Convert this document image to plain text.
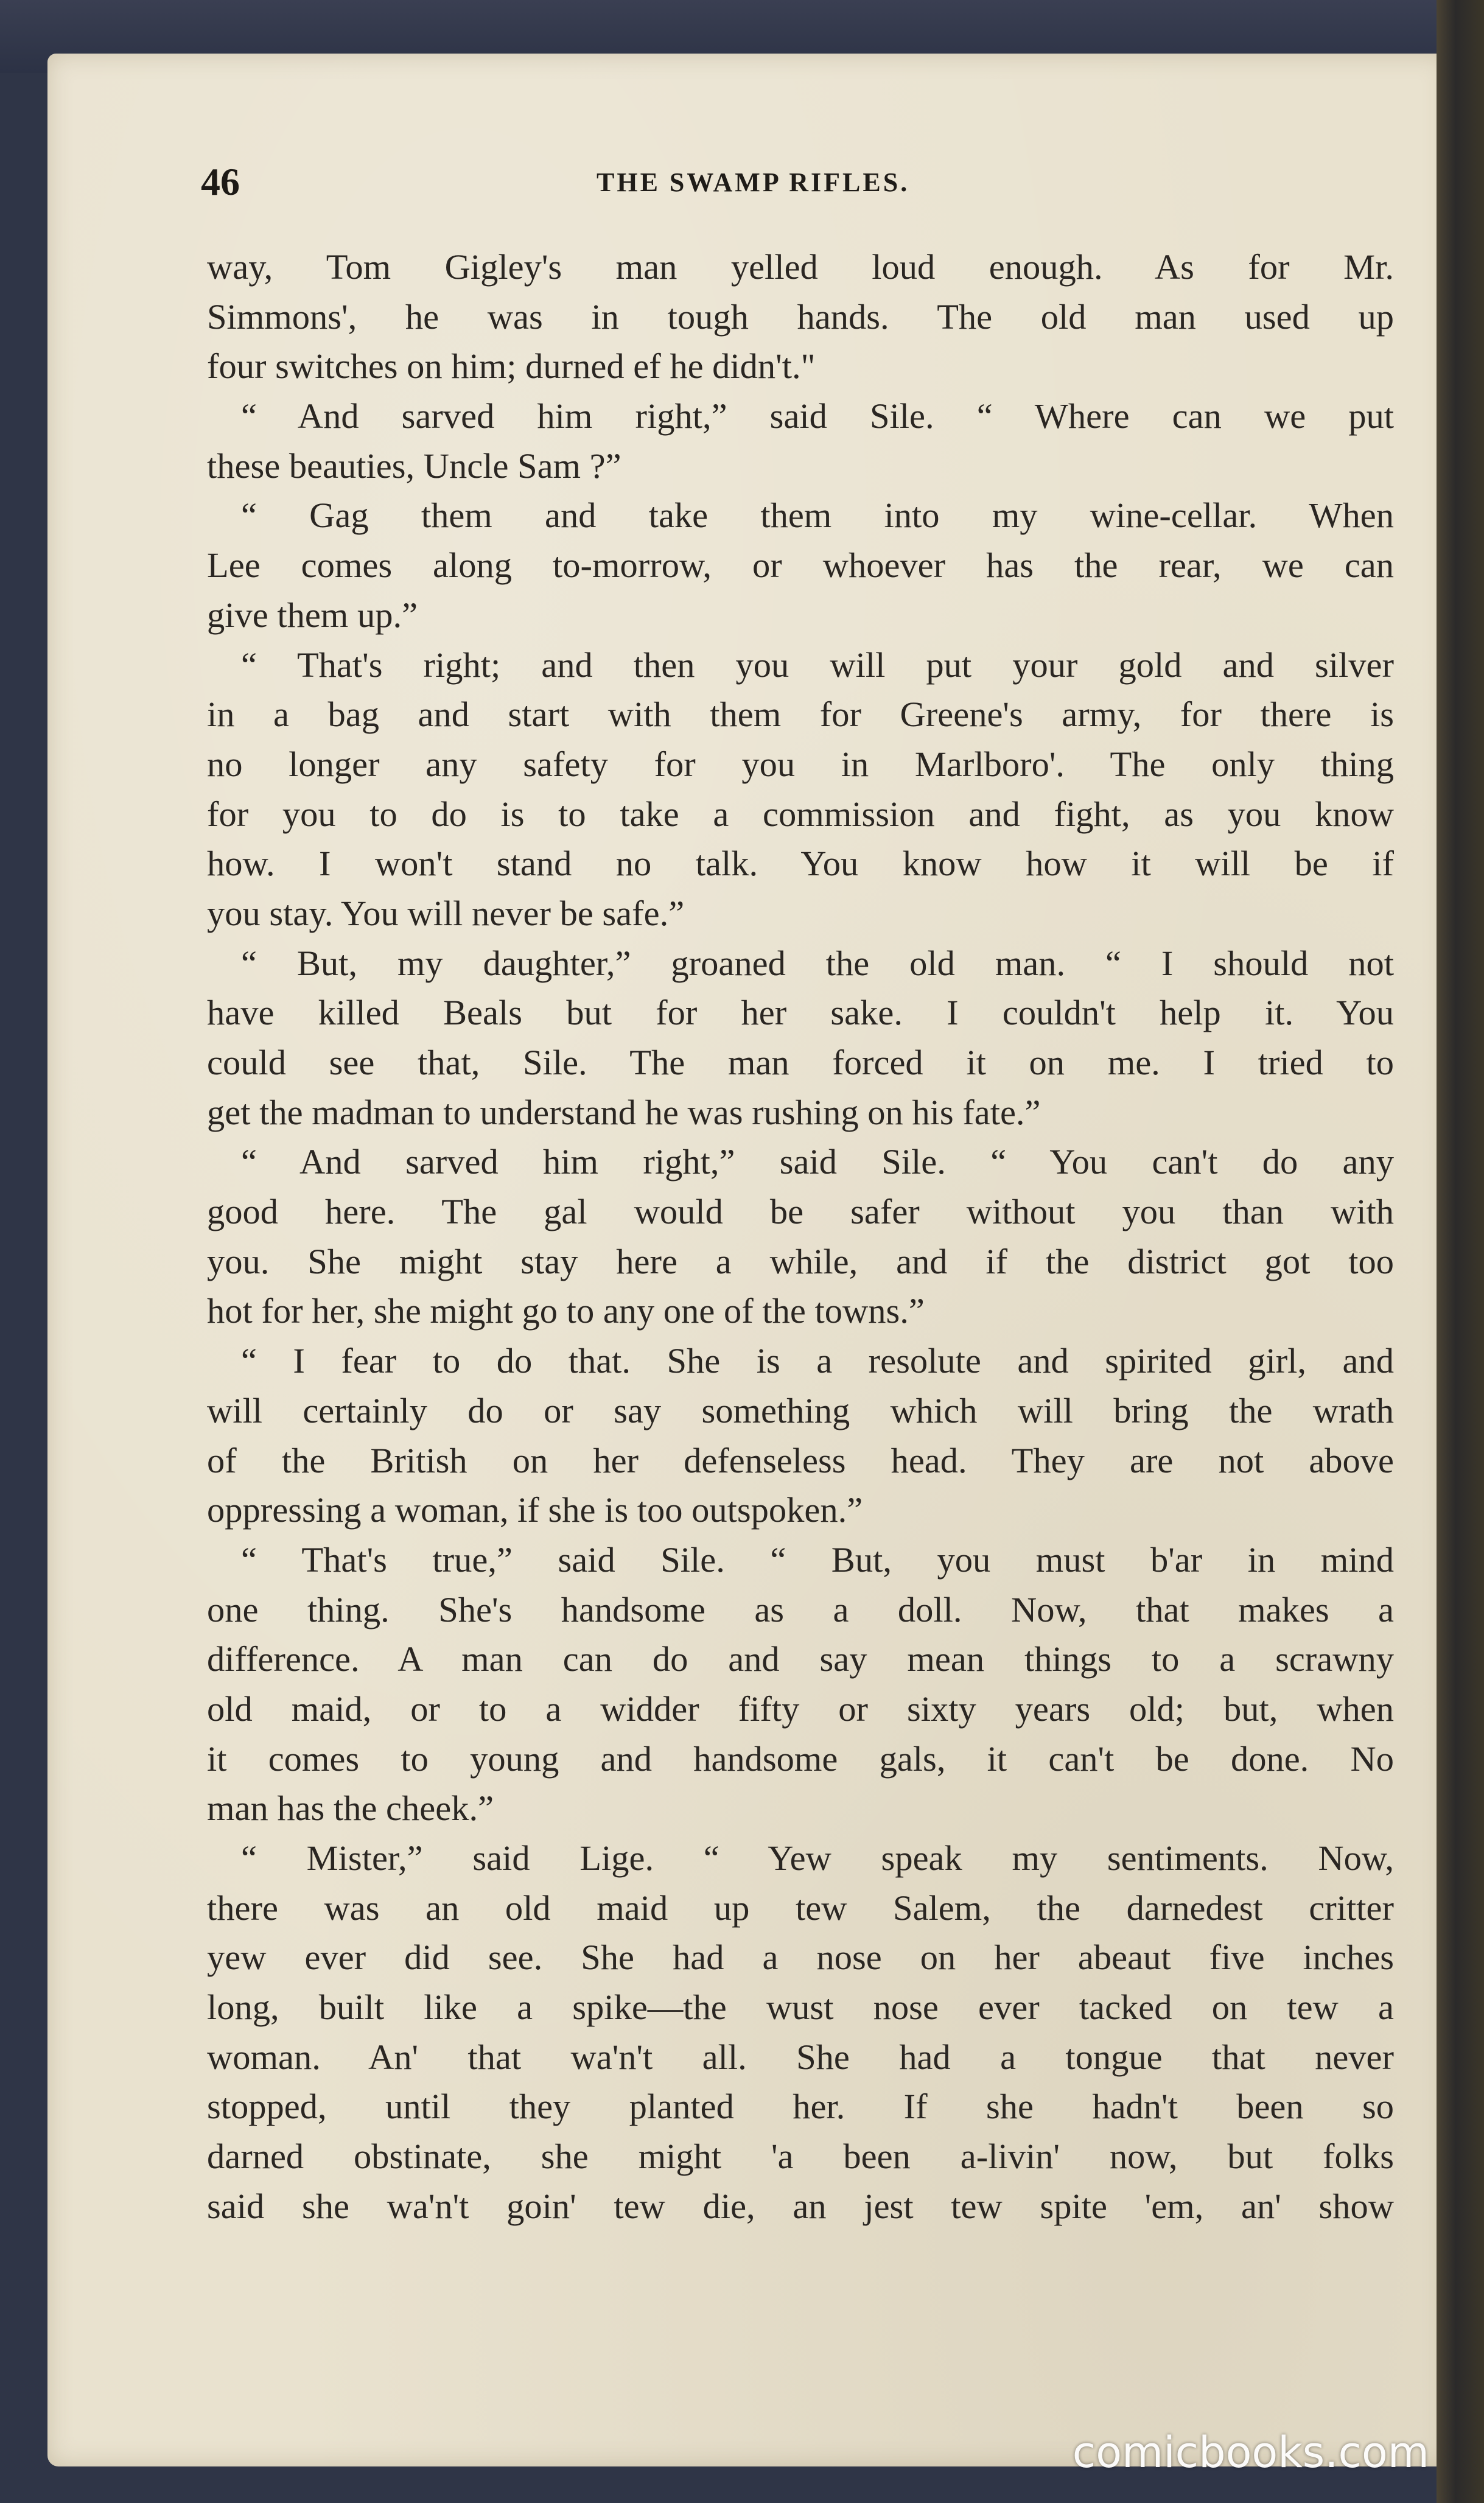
46	THE SWAMP RIFLES.
way, Tom Gigley's man yelled loud enough. As for Mr.
Simmons', he was in tough hands. The old man used up
four switches on him; durned ef he didn't."
“ And sarved him right,” said Sile. “ Where can we put
these beauties, Uncle Sam ?”
“ Gag them and take them into my wine-cellar. When
Lee comes along to-morrow, or whoever has the rear, we can
give them up.”
“ That's right; and then you will put your gold and silver
in a bag and start with them for Greene's army, for there is
no longer any safety for you in Marlboro'. The only thing
for you to do is to take a commission and fight, as you know
how. I won't stand no talk. You know how it will be if
you stay. You will never be safe.”
“ But, my daughter,” groaned the old man. “ I should not
have killed Beals but for her sake. I couldn't help it. You
could see that, Sile. The man forced it on me. I tried to
get the madman to understand he was rushing on his fate.”
“ And sarved him right,” said Sile. “ You can't do any
good here. The gal would be safer without you than with
you. She might stay here a while, and if the district got too
hot for her, she might go to any one of the towns.”
“ I fear to do that. She is a resolute and spirited girl, and
will certainly do or say something which will bring the wrath
of the British on her defenseless head. They are not above
oppressing a woman, if she is too outspoken.”
“ That's true,” said Sile. “ But, you must b'ar in mind
one thing. She's handsome as a doll. Now, that makes a
difference. A man can do and say mean things to a scrawny
old maid, or to a widder fifty or sixty years old; but, when
it comes to young and handsome gals, it can't be done. No
man has the cheek.”
“ Mister,” said Lige. “ Yew speak my sentiments. Now,
there was an old maid up tew Salem, the darnedest critter
yew ever did see. She had a nose on her abeaut five inches
long, built like a spike—the wust nose ever tacked on tew a
woman. An' that wa'n't all. She had a tongue that never
stopped, until they planted her. If she hadn't been so
darned obstinate, she might 'a been a-livin' now, but folks
said she wa'n't goin' tew die, an jest tew spite 'em, an' show
comicbooks.com
